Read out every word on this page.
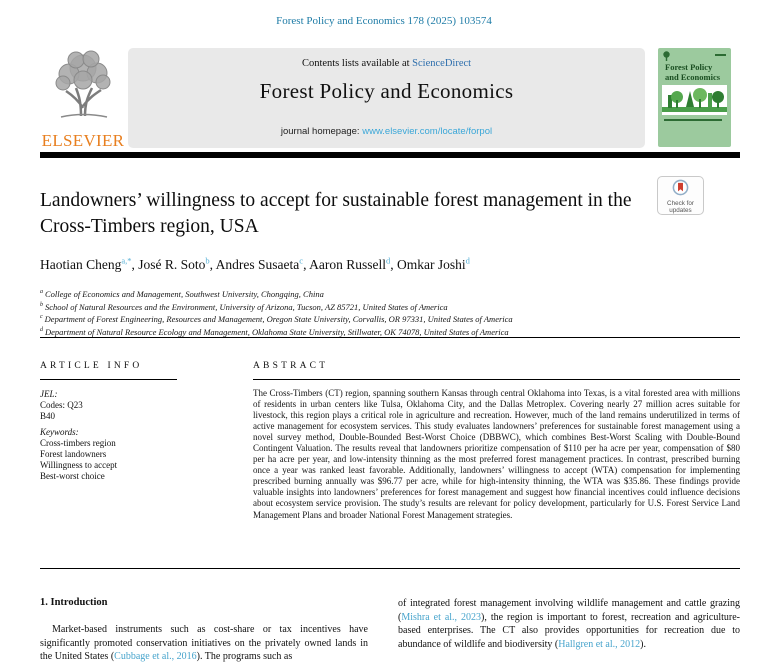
Forest Policy and Economics 178 (2025) 103574
ELSEVIER
Contents lists available at ScienceDirect
Forest Policy and Economics
journal homepage: www.elsevier.com/locate/forpol
Forest Policy and Economics
Landowners’ willingness to accept for sustainable forest management in the Cross-Timbers region, USA
Check for updates
Haotian Cheng$^{a,*}$, José R. Soto$^b$, Andres Susaeta$^c$, Aaron Russell$^d$, Omkar Joshi$^d$
$^a$ College of Economics and Management, Southwest University, Chongqing, China
$^b$ School of Natural Resources and the Environment, University of Arizona, Tucson, AZ 85721, United States of America
$^c$ Department of Forest Engineering, Resources and Management, Oregon State University, Corvallis, OR 97331, United States of America
$^d$ Department of Natural Resource Ecology and Management, Oklahoma State University, Stillwater, OK 74078, United States of America
ARTICLE INFO
JEL:
Codes: Q23
B40
Keywords:
Cross-timbers region
Forest landowners
Willingness to accept
Best-worst choice
ABSTRACT
The Cross-Timbers (CT) region, spanning southern Kansas through central Oklahoma into Texas, is a vital forested area with millions of residents in urban centers like Tulsa, Oklahoma City, and the Dallas Metroplex. Covering nearly 27 million acres suitable for livestock, this region plays a critical role in agriculture and recreation. However, much of the land remains underutilized in terms of active management for ecosystem services. This study evaluates landowners’ preferences for sustainable forest management using a novel survey method, Double-Bounded Best-Worst Choice (DBBWC), which combines Best-Worst Scaling with Double-Bound Contingent Valuation. The results reveal that landowners prioritize compensation of $110 per ha acre per year, compensation of $80 per ha acre per year, and low-intensity thinning as the most preferred forest management practices. In contrast, prescribed burning once a year was ranked least favorable. Additionally, landowners’ willingness to accept (WTA) compensation for implementing prescribed burning annually was $96.77 per acre, while for high-intensity thinning, the WTA was $35.86. These findings provide valuable insights into landowners’ preferences for forest management and suggest how financial incentives could influence decisions about ecosystem service provision. The study’s results are relevant for policy development, particularly for U.S. Forest Service Land Management Plans and broader National Forest Management strategies.
1. Introduction

Market-based instruments such as cost-share or tax incentives have significantly promoted conservation initiatives on the privately owned lands in the United States (Cubbage et al., 2016). The programs such as

of integrated forest management involving wildlife management and cattle grazing (Mishra et al., 2023), the region is important to forest, recreation and agriculture-based enterprises. The CT also provides opportunities for recreation due to abundance of wildlife and biodiversity (Hallgren et al., 2012).
